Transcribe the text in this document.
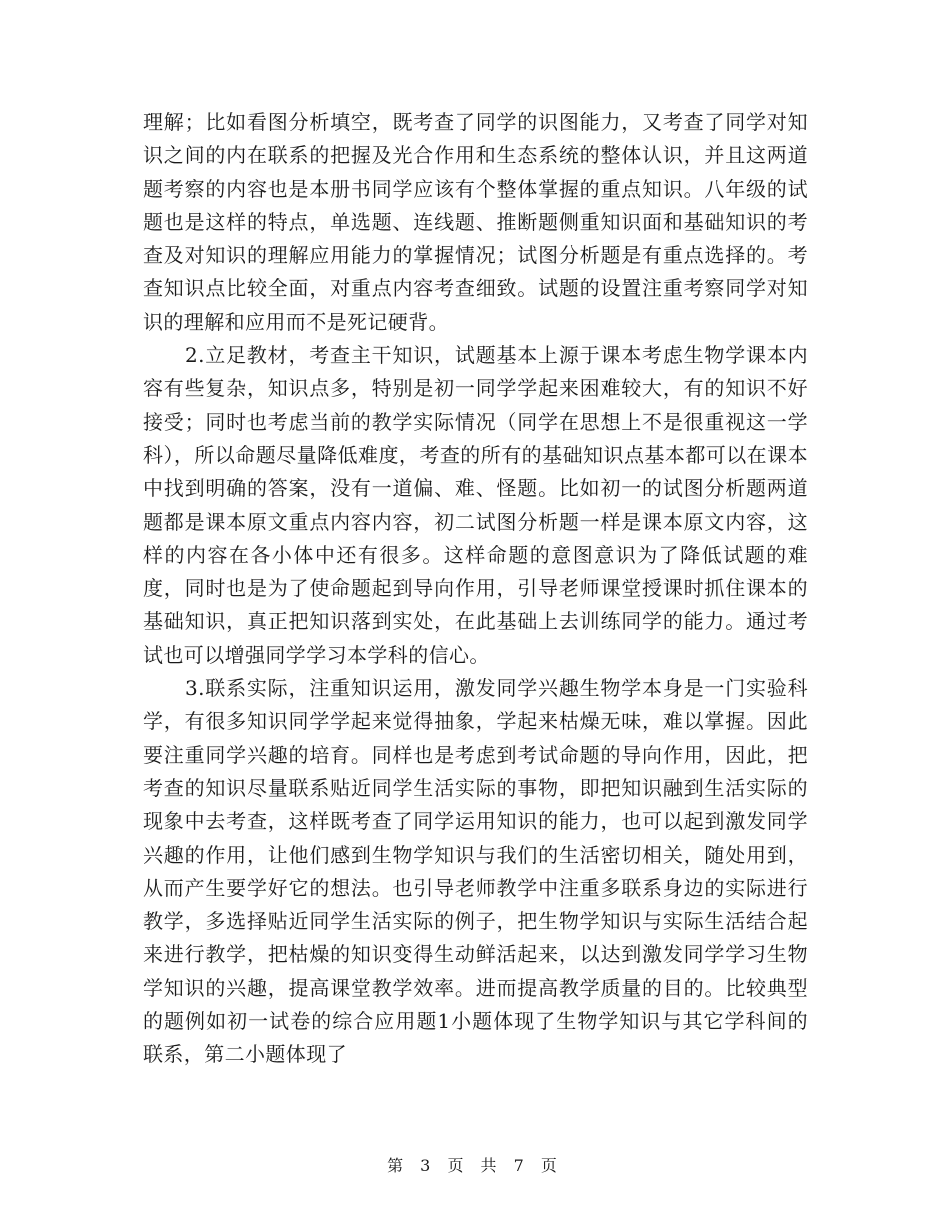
理解；比如看图分析填空，既考查了同学的识图能力，又考查了同学对知识之间的内在联系的把握及光合作用和生态系统的整体认识，并且这两道题考察的内容也是本册书同学应该有个整体掌握的重点知识。八年级的试题也是这样的特点，单选题、连线题、推断题侧重知识面和基础知识的考查及对知识的理解应用能力的掌握情况；试图分析题是有重点选择的。考查知识点比较全面，对重点内容考查细致。试题的设置注重考察同学对知识的理解和应用而不是死记硬背。

2.立足教材，考查主干知识，试题基本上源于课本考虑生物学课本内容有些复杂，知识点多，特别是初一同学学起来困难较大，有的知识不好接受；同时也考虑当前的教学实际情况（同学在思想上不是很重视这一学科），所以命题尽量降低难度，考查的所有的基础知识点基本都可以在课本中找到明确的答案，没有一道偏、难、怪题。比如初一的试图分析题两道题都是课本原文重点内容内容，初二试图分析题一样是课本原文内容，这样的内容在各小体中还有很多。这样命题的意图意识为了降低试题的难度，同时也是为了使命题起到导向作用，引导老师课堂授课时抓住课本的基础知识，真正把知识落到实处，在此基础上去训练同学的能力。通过考试也可以增强同学学习本学科的信心。

3.联系实际，注重知识运用，激发同学兴趣生物学本身是一门实验科学，有很多知识同学学起来觉得抽象，学起来枯燥无味，难以掌握。因此要注重同学兴趣的培育。同样也是考虑到考试命题的导向作用，因此，把考查的知识尽量联系贴近同学生活实际的事物，即把知识融到生活实际的现象中去考查，这样既考查了同学运用知识的能力，也可以起到激发同学兴趣的作用，让他们感到生物学知识与我们的生活密切相关，随处用到，从而产生要学好它的想法。也引导老师教学中注重多联系身边的实际进行教学，多选择贴近同学生活实际的例子，把生物学知识与实际生活结合起来进行教学，把枯燥的知识变得生动鲜活起来，以达到激发同学学习生物学知识的兴趣，提高课堂教学效率。进而提高教学质量的目的。比较典型的题例如初一试卷的综合应用题1小题体现了生物学知识与其它学科间的联系，第二小题体现了

第 3 页 共 7 页
